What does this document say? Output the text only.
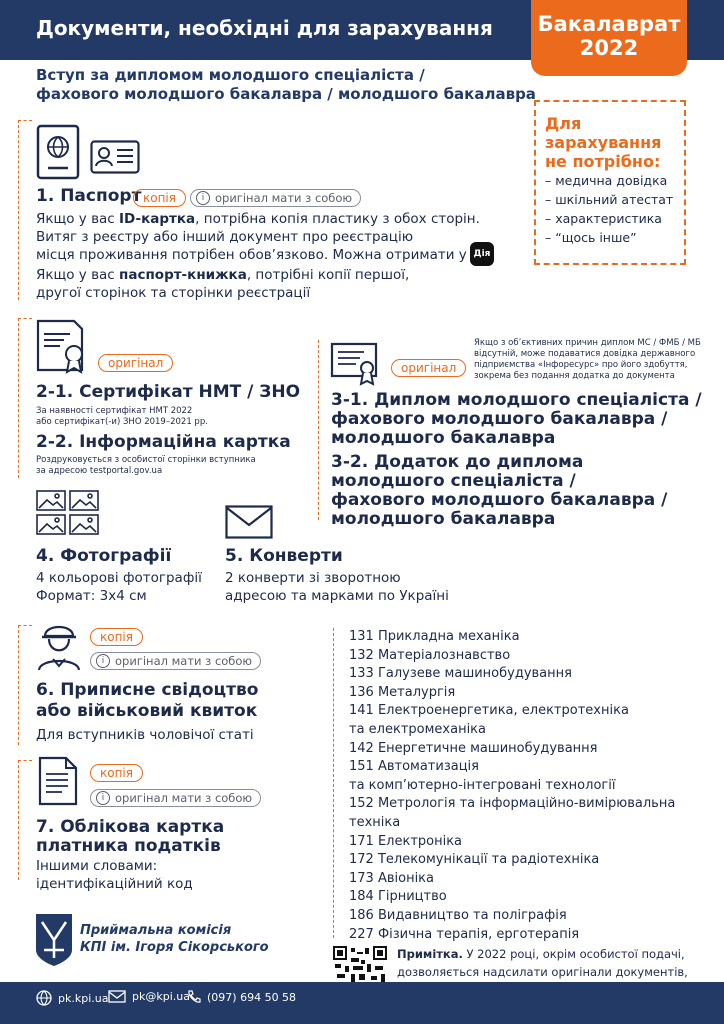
Документи, необхідні для зарахування	Бакалаврат
2022
Вступ за дипломом молодшого спеціаліста /
фахового молодшого бакалавра / молодшого бакалавра
Для
зарахування
не потрібно:
– медична довідка
– шкільний атестат
– характеристика
– “щось інше”
1. Паспорт копія	i оригінал мати з собою
Якщо у вас ID-картка, потрібна копія пластику з обох сторін.
Витяг з реєстру або інший документ про реєстрацію
місця проживання потрібен обов’язково. Можна отримати у Дія
Якщо у вас паспорт-книжка, потрібні копії першої,
другої сторінок та сторінки реєстрації
оригінал
2-1. Сертифікат НМТ / ЗНО
За наявності сертифікат НМТ 2022
або сертифікат(-и) ЗНО 2019–2021 рр.
2-2. Інформаційна картка
Роздруковується з особистої сторінки вступника
за адресою testportal.gov.ua
оригінал
Якщо з об’єктивних причин диплом МС / ФМБ / МБ
відсутній, може подаватися довідка державного
підприємства «Інфоресурс» про його здобуття,
зокрема без подання додатка до документа
3-1. Диплом молодшого спеціаліста /
фахового молодшого бакалавра /
молодшого бакалавра
3-2. Додаток до диплома
молодшого спеціаліста /
фахового молодшого бакалавра /
молодшого бакалавра
4. Фотографії
4 кольорові фотографії
Формат: 3х4 см
5. Конверти
2 конверти зі зворотною
адресою та марками по Україні
копія
i оригінал мати з собою
6. Приписне свідоцтво
або військовий квиток
Для вступників чоловічої статі
копія
i оригінал мати з собою
7. Облікова картка
платника податків
Іншими словами:
ідентифікаційний код
131 Прикладна механіка
132 Матеріалознавство
133 Галузеве машинобудування
136 Металургія
141 Електроенергетика, електротехніка
та електромеханіка
142 Енергетичне машинобудування
151 Автоматизація
та комп’ютерно-інтегровані технології
152 Метрологія та інформаційно-вимірювальна
техніка
171 Електроніка
172 Телекомунікації та радіотехніка
173 Авіоніка
184 Гірництво
186 Видавництво та поліграфія
227 Фізична терапія, ерготерапія
Приймальна комісія
КПІ ім. Ігоря Сікорського	Примітка. У 2022 році, окрім особистої подачі,
дозволяється надсилати оригінали документів,
pk.kpi.ua pk@kpi.ua (097) 694 50 58
